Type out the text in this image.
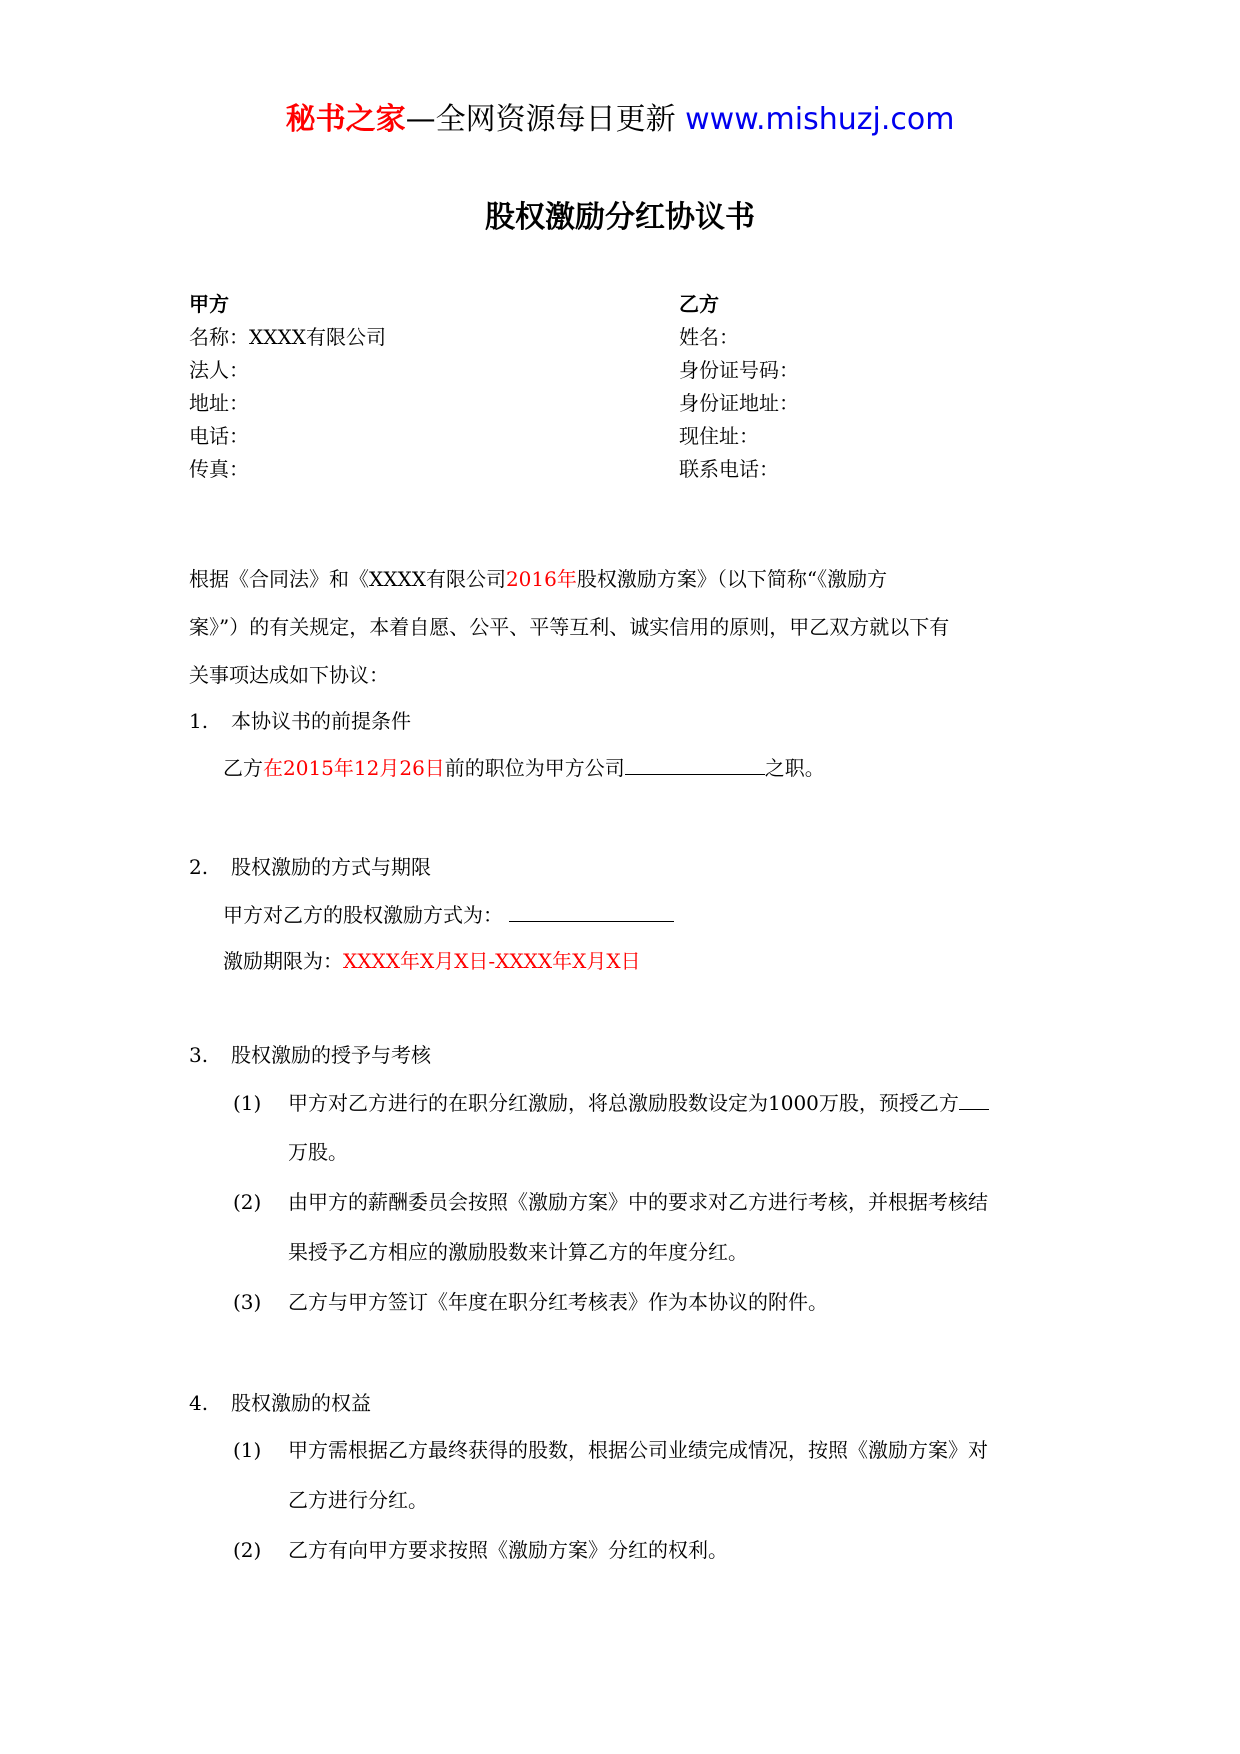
秘书之家—全网资源每日更新 www.mishuzj.com
股权激励分红协议书
甲方
名称：XXXX有限公司
法人：
地址：
电话：
传真：
乙方
姓名：
身份证号码：
身份证地址：
现住址：
联系电话：
根据《合同法》和《XXXX有限公司2016年股权激励方案》（以下简称“《激励方
案》”）的有关规定，本着自愿、公平、平等互利、诚实信用的原则，甲乙双方就以下有
关事项达成如下协议：
1. 本协议书的前提条件
乙方在2015年12月26日前的职位为甲方公司	之职。
2. 股权激励的方式与期限
甲方对乙方的股权激励方式为：
激励期限为：XXXX年X月X日-XXXX年X月X日
3. 股权激励的授予与考核
(1) 甲方对乙方进行的在职分红激励，将总激励股数设定为1000万股，预授乙方
万股。
(2) 由甲方的薪酬委员会按照《激励方案》中的要求对乙方进行考核，并根据考核结
果授予乙方相应的激励股数来计算乙方的年度分红。
(3) 乙方与甲方签订《年度在职分红考核表》作为本协议的附件。
4. 股权激励的权益
(1) 甲方需根据乙方最终获得的股数，根据公司业绩完成情况，按照《激励方案》对
乙方进行分红。
(2) 乙方有向甲方要求按照《激励方案》分红的权利。
